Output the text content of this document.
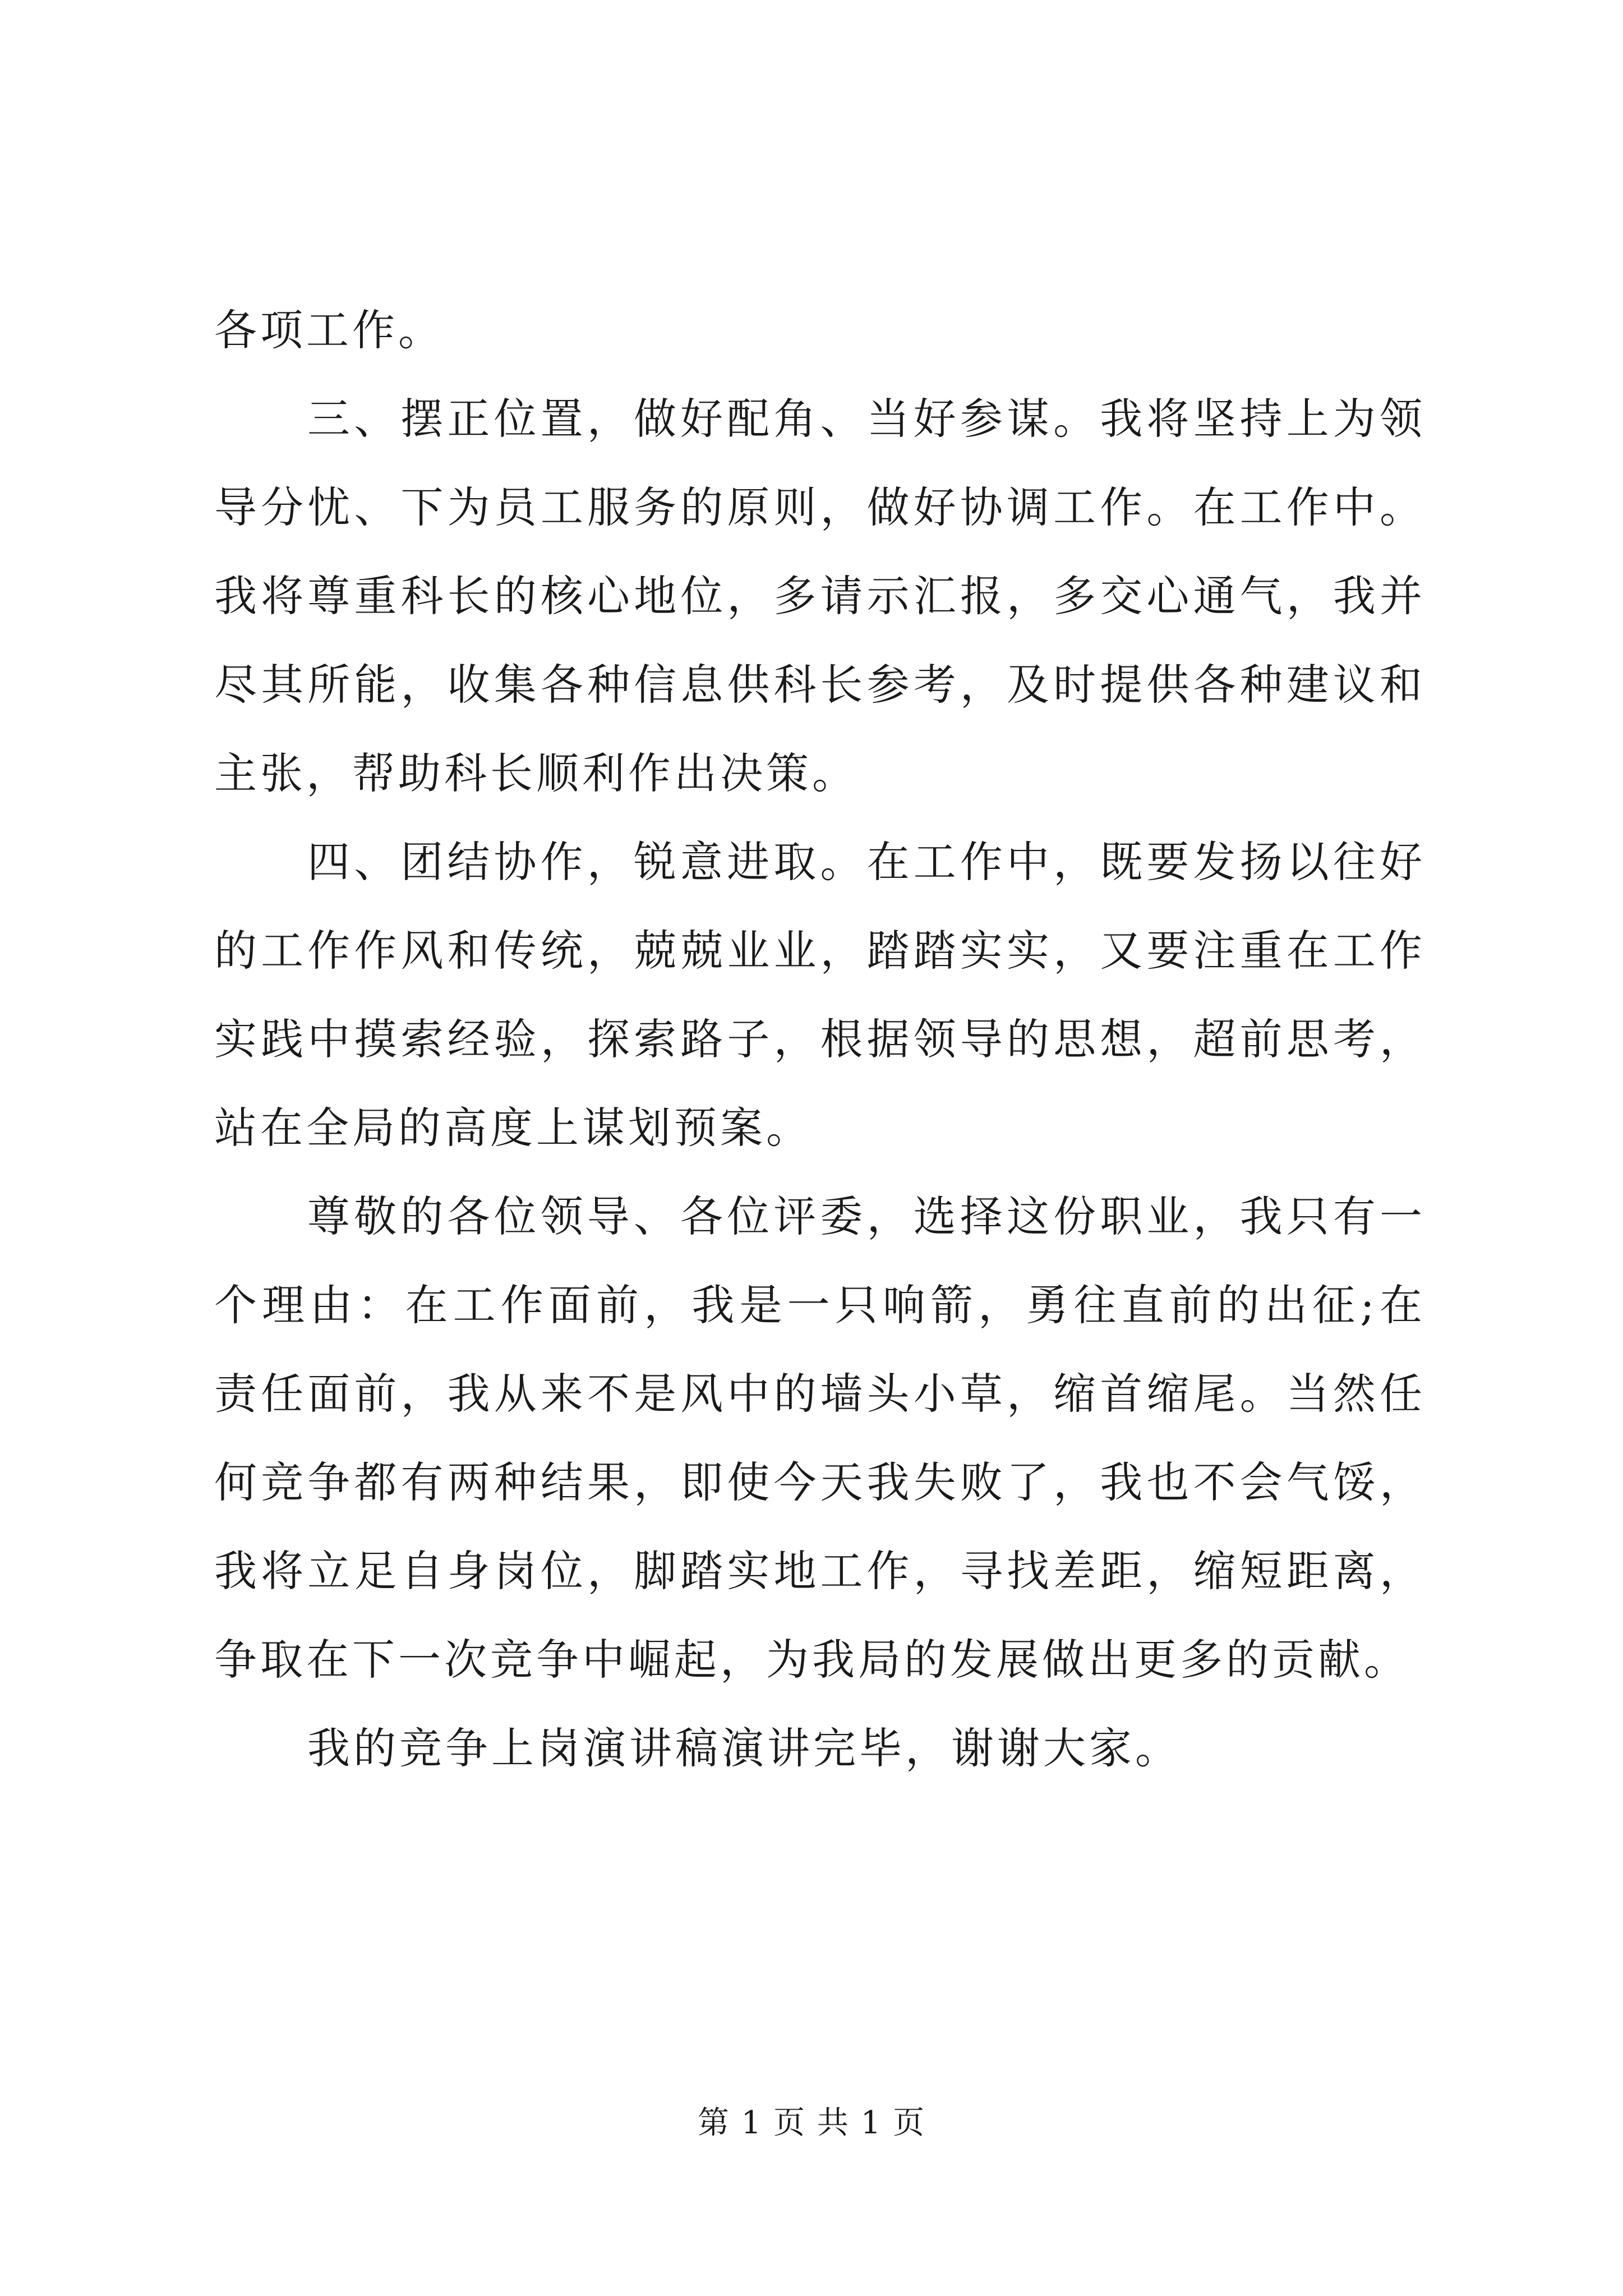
各项工作。

三、摆正位置，做好配角、当好参谋。我将坚持上为领导分忧、下为员工服务的原则，做好协调工作。在工作中。我将尊重科长的核心地位，多请示汇报，多交心通气，我并尽其所能，收集各种信息供科长参考，及时提供各种建议和主张，帮助科长顺利作出决策。

四、团结协作，锐意进取。在工作中，既要发扬以往好的工作作风和传统，兢兢业业，踏踏实实，又要注重在工作实践中摸索经验，探索路子，根据领导的思想，超前思考，站在全局的高度上谋划预案。

尊敬的各位领导、各位评委，选择这份职业，我只有一个理由：在工作面前，我是一只响箭，勇往直前的出征;在责任面前，我从来不是风中的墙头小草，缩首缩尾。当然任何竞争都有两种结果，即使今天我失败了，我也不会气馁，我将立足自身岗位，脚踏实地工作，寻找差距，缩短距离，争取在下一次竞争中崛起，为我局的发展做出更多的贡献。

我的竞争上岗演讲稿演讲完毕，谢谢大家。

第 1 页 共 1 页
